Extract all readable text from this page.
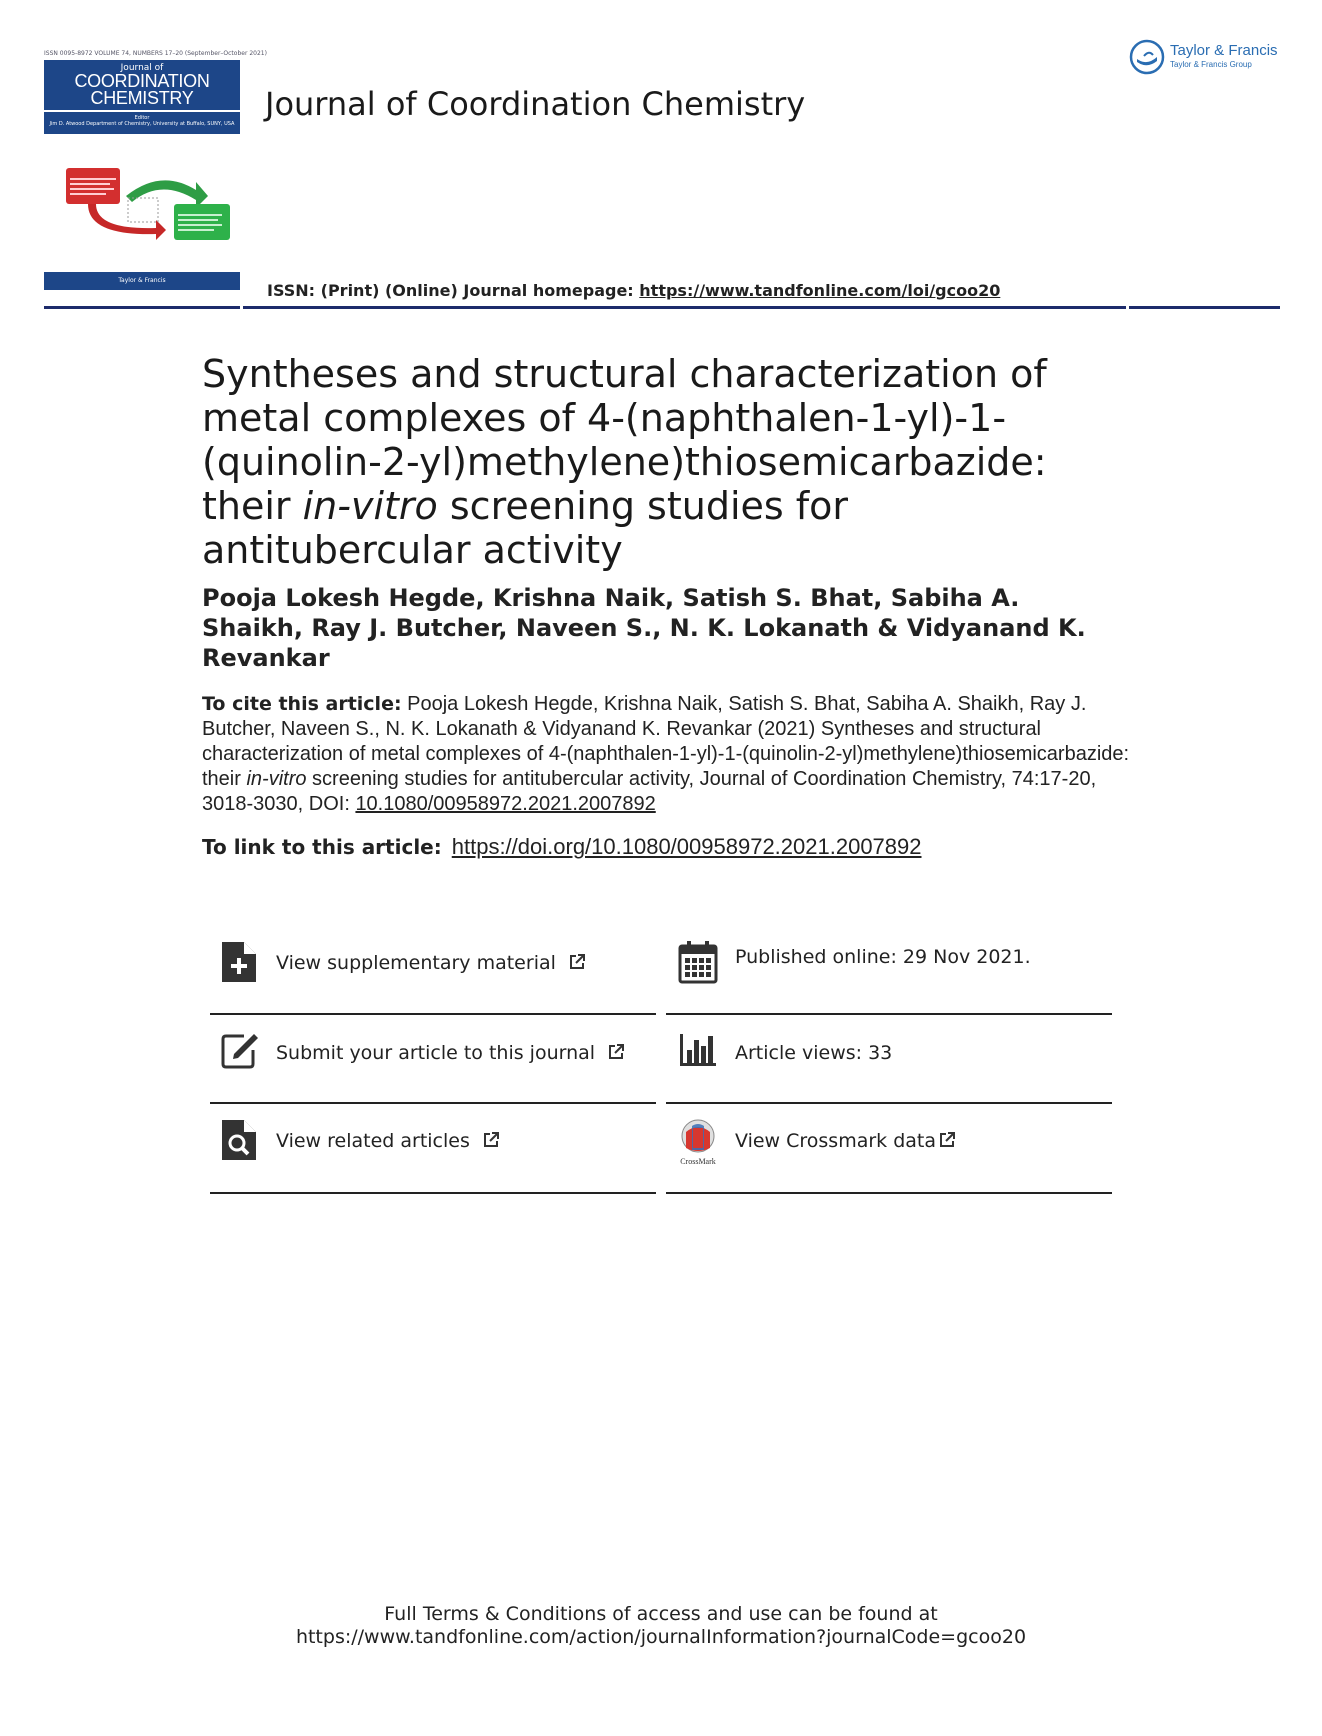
ISSN 0095-8972 VOLUME 74, NUMBERS 17–20 (September–October 2021)
Journal of
COORDINATION
CHEMISTRY
Editor
Jim D. Atwood Department of Chemistry, University at Buffalo, SUNY, USA
Taylor & Francis
Journal of Coordination Chemistry
Taylor & Francis
Taylor & Francis Group
ISSN: (Print) (Online) Journal homepage: https://www.tandfonline.com/loi/gcoo20
Syntheses and structural characterization of metal complexes of 4-(naphthalen-1-yl)-1-(quinolin-2-yl)methylene)thiosemicarbazide: their in-vitro screening studies for antitubercular activity
Pooja Lokesh Hegde, Krishna Naik, Satish S. Bhat, Sabiha A. Shaikh, Ray J. Butcher, Naveen S., N. K. Lokanath & Vidyanand K. Revankar
To cite this article: Pooja Lokesh Hegde, Krishna Naik, Satish S. Bhat, Sabiha A. Shaikh, Ray J. Butcher, Naveen S., N. K. Lokanath & Vidyanand K. Revankar (2021) Syntheses and structural characterization of metal complexes of 4-(naphthalen-1-yl)-1-(quinolin-2-yl)methylene)thiosemicarbazide: their in-vitro screening studies for antitubercular activity, Journal of Coordination Chemistry, 74:17-20, 3018-3030, DOI: 10.1080/00958972.2021.2007892
To link to this article: https://doi.org/10.1080/00958972.2021.2007892
View supplementary material	Published online: 29 Nov 2021.
Submit your article to this journal	Article views: 33
View related articles
CrossMark
View Crossmark data
Full Terms & Conditions of access and use can be found at
https://www.tandfonline.com/action/journalInformation?journalCode=gcoo20
